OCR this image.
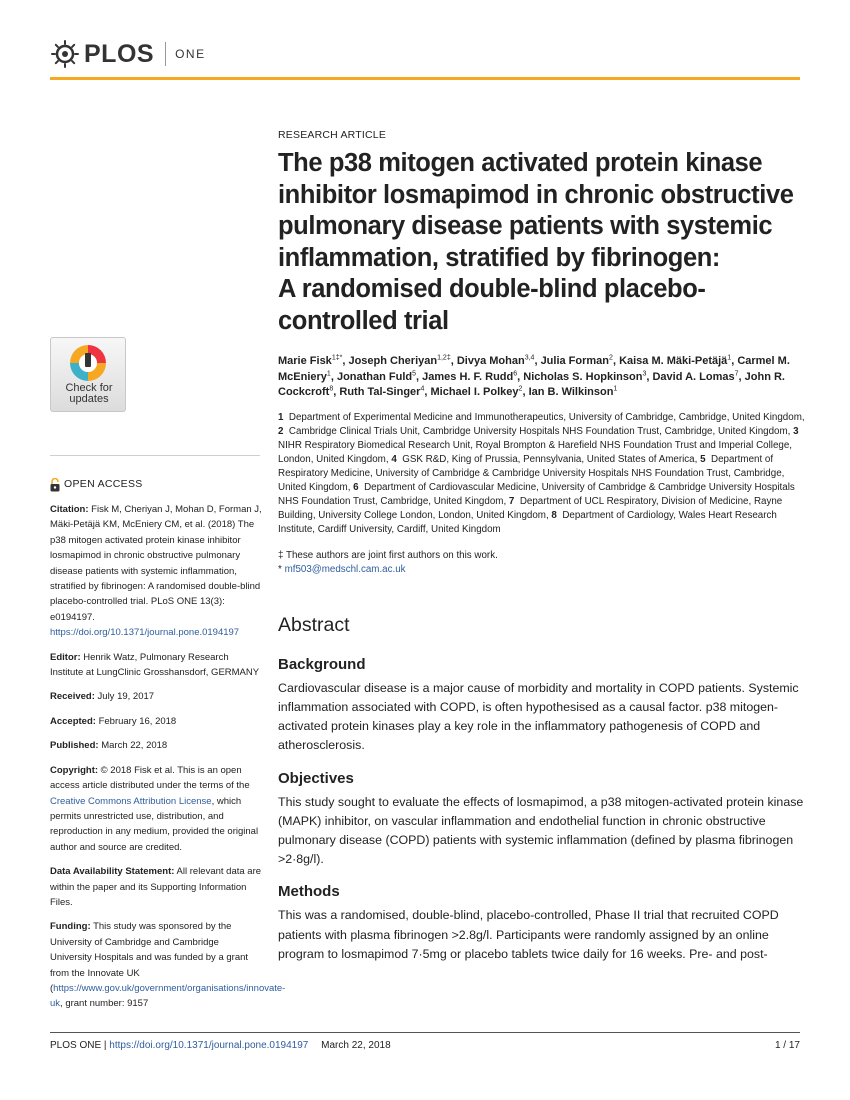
PLOS ONE
Check for
updates
OPEN ACCESS
Citation: Fisk M, Cheriyan J, Mohan D, Forman J, Mäki-Petäjä KM, McEniery CM, et al. (2018) The p38 mitogen activated protein kinase inhibitor losmapimod in chronic obstructive pulmonary disease patients with systemic inflammation, stratified by fibrinogen: A randomised double-blind placebo-controlled trial. PLoS ONE 13(3): e0194197. https://doi.org/10.1371/journal.pone.0194197
Editor: Henrik Watz, Pulmonary Research Institute at LungClinic Grosshansdorf, GERMANY
Received: July 19, 2017
Accepted: February 16, 2018
Published: March 22, 2018
Copyright: © 2018 Fisk et al. This is an open access article distributed under the terms of the Creative Commons Attribution License, which permits unrestricted use, distribution, and reproduction in any medium, provided the original author and source are credited.
Data Availability Statement: All relevant data are within the paper and its Supporting Information Files.
Funding: This study was sponsored by the University of Cambridge and Cambridge University Hospitals and was funded by a grant from the Innovate UK (https://www.gov.uk/government/organisations/innovate-uk, grant number: 9157
RESEARCH ARTICLE
The p38 mitogen activated protein kinase
inhibitor losmapimod in chronic obstructive
pulmonary disease patients with systemic
inflammation, stratified by fibrinogen:
A randomised double-blind placebo-
controlled trial
Marie Fisk$^{1\ddagger*}$, Joseph Cheriyan$^{1,2\ddagger}$, Divya Mohan$^{3,4}$, Julia Forman$^2$, Kaisa M. Mäki-Petäjä$^1$, Carmel M. McEniery$^1$, Jonathan Fuld$^5$, James H. F. Rudd$^6$, Nicholas S. Hopkinson$^3$, David A. Lomas$^7$, John R. Cockcroft$^8$, Ruth Tal-Singer$^4$, Michael I. Polkey$^2$, Ian B. Wilkinson$^1$
1 Department of Experimental Medicine and Immunotherapeutics, University of Cambridge, Cambridge, United Kingdom, 2 Cambridge Clinical Trials Unit, Cambridge University Hospitals NHS Foundation Trust, Cambridge, United Kingdom, 3  NIHR Respiratory Biomedical Research Unit, Royal Brompton & Harefield NHS Foundation Trust and Imperial College, London, United Kingdom, 4 GSK R&D, King of Prussia, Pennsylvania, United States of America, 5 Department of Respiratory Medicine, University of Cambridge & Cambridge University Hospitals NHS Foundation Trust, Cambridge, United Kingdom, 6 Department of Cardiovascular Medicine, University of Cambridge & Cambridge University Hospitals NHS Foundation Trust, Cambridge, United Kingdom, 7 Department of UCL Respiratory, Division of Medicine, Rayne Building, University College London, London, United Kingdom, 8 Department of Cardiology, Wales Heart Research Institute, Cardiff University, Cardiff, United Kingdom
‡ These authors are joint first authors on this work.
* mf503@medschl.cam.ac.uk
Abstract
Background

Cardiovascular disease is a major cause of morbidity and mortality in COPD patients. Systemic inflammation associated with COPD, is often hypothesised as a causal factor. p38 mitogen-activated protein kinases play a key role in the inflammatory pathogenesis of COPD and atherosclerosis.

Objectives

This study sought to evaluate the effects of losmapimod, a p38 mitogen-activated protein kinase (MAPK) inhibitor, on vascular inflammation and endothelial function in chronic obstructive pulmonary disease (COPD) patients with systemic inflammation (defined by plasma fibrinogen >2·8g/l).

Methods

This was a randomised, double-blind, placebo-controlled, Phase II trial that recruited COPD patients with plasma fibrinogen >2.8g/l. Participants were randomly assigned by an online program to losmapimod 7·5mg or placebo tablets twice daily for 16 weeks. Pre- and post-

PLOS ONE | https://doi.org/10.1371/journal.pone.0194197 March 22, 2018	1 / 17
